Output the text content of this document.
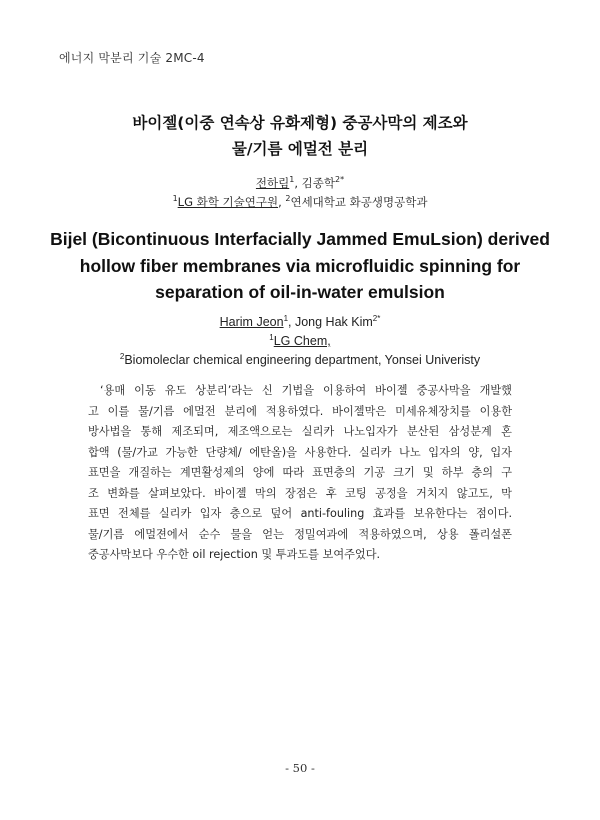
에너지 막분리 기술 2MC-4
바이젤(이중 연속상 유화제형) 중공사막의 제조와
물/기름 에멀전 분리
전하림$^1$, 김종학$^{2*}$
$^1$LG 화학 기술연구원, $^2$연세대학교 화공생명공학과
Bijel (Bicontinuous Interfacially Jammed EmuLsion) derived
hollow fiber membranes via microfluidic spinning for
separation of oil-in-water emulsion
Harim Jeon$^1$, Jong Hak Kim$^{2*}$
$^1$LG Chem,
$^2$Biomoleclar chemical engineering department, Yonsei Univeristy
‘용매 이동 유도 상분리’라는 신 기법을 이용하여 바이젤 중공사막을 개발했
고 이를 물/기름 에멀전 분리에 적용하였다. 바이젤막은 미세유체장치를 이용한
방사법을 통해 제조되며, 제조액으로는 실리카 나노입자가 분산된 삼성분계 혼
합액 (물/가교 가능한 단량체/ 에탄올)을 사용한다. 실리카 나노 입자의 양, 입자
표면을 개질하는 계면활성제의 양에 따라 표면층의 기공 크기 및 하부 층의 구
조 변화를 살펴보았다. 바이젤 막의 장점은 후 코팅 공정을 거치지 않고도, 막
표면 전체를 실리카 입자 층으로 덮어 anti-fouling 효과를 보유한다는 점이다.
물/기름 에멀젼에서 순수 물을 얻는 정밀여과에 적용하였으며, 상용 폴리설폰
중공사막보다 우수한 oil rejection 및 투과도를 보여주었다.
- 50 -
